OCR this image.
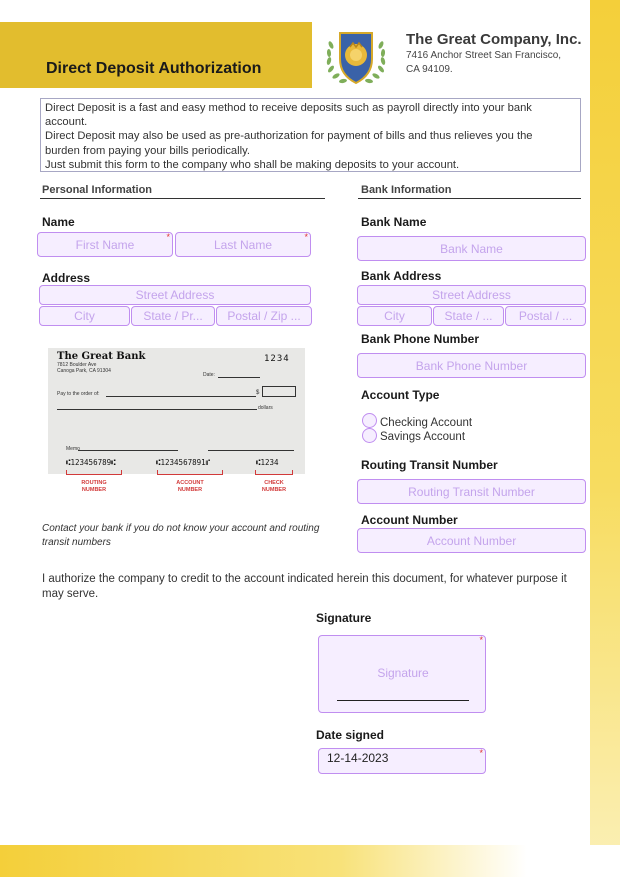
Direct Deposit Authorization
The Great Company, Inc.
7416 Anchor Street San Francisco,
CA 94109.
Direct Deposit is a fast and easy method to receive deposits such as payroll directly into your bank
account.
Direct Deposit may also be used as pre-authorization for payment of bills and thus relieves you the
burden from paying your bills periodically.
Just submit this form to the company who shall be making deposits to your account.
Personal Information	Bank Information
Name
First Name
*
Last Name
*
Address
Street Address
City	State / Pr... Postal / Zip ...
The Great Bank
7812 Boulder Ave
Canoga Park, CA 91304
1234
Date:
Pay to the order of:	$
dollars
Memo
⑆123456789⑆	⑆1234567891⑈	⑆1234
ROUTING NUMBER
ACCOUNT NUMBER
CHECK NUMBER
Contact your bank if you do not know your account and routing transit numbers
Bank Name
Bank Name
Bank Address
Street Address
City	State / ... Postal / ...
Bank Phone Number
Bank Phone Number
Account Type
Checking Account
Savings Account
Routing Transit Number
Routing Transit Number
Account Number
Account Number
I authorize the company to credit to the account indicated herein this document, for whatever purpose it may serve.
Signature
Signature
*
Date signed
12-14-2023	*
